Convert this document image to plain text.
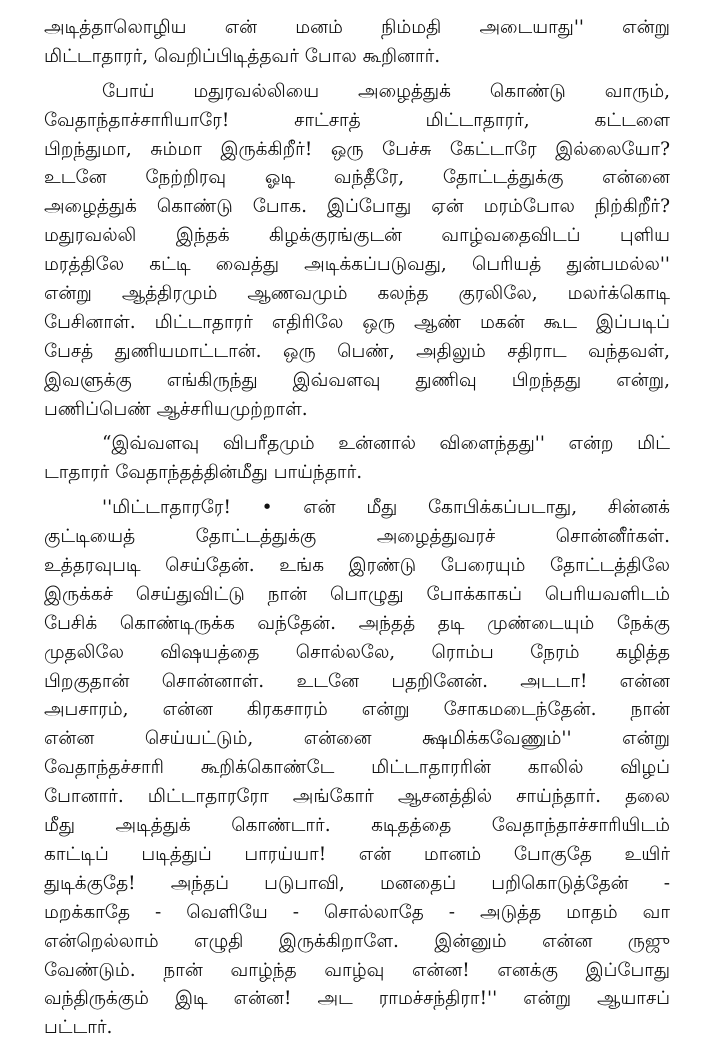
அடித்தாலொழிய என் மனம் நிம்மதி அடையாது'' என்று
மிட்டாதாரர், வெறிப்பிடித்தவர் போல கூறினார்.

போய் மதுரவல்லியை அழைத்துக் கொண்டு வாரும்,
வேதாந்தாச்சாரியாரே! சாட்சாத் மிட்டாதாரர், கட்டளை
பிறந்துமா, சும்மா இருக்கிறீர்! ஒரு பேச்சு கேட்டாரே இல்லையோ?
உடனே நேற்றிரவு ஓடி வந்தீரே, தோட்டத்துக்கு என்னை
அழைத்துக் கொண்டு போக. இப்போது ஏன் மரம்போல நிற்கிறீர்?
மதுரவல்லி இந்தக் கிழக்குரங்குடன் வாழ்வதைவிடப் புளிய
மரத்திலே கட்டி வைத்து அடிக்கப்படுவது, பெரியத் துன்பமல்ல''
என்று ஆத்திரமும் ஆணவமும் கலந்த குரலிலே, மலர்க்கொடி
பேசினாள். மிட்டாதாரர் எதிரிலே ஒரு ஆண் மகன் கூட இப்படிப்
பேசத் துணியமாட்டான். ஒரு பெண், அதிலும் சதிராட வந்தவள்,
இவளுக்கு எங்கிருந்து இவ்வளவு துணிவு பிறந்தது என்று,
பணிப்பெண் ஆச்சரியமுற்றாள்.

“இவ்வளவு விபரீதமும் உன்னால் விளைந்தது'' என்ற மிட்
டாதாரர் வேதாந்தத்தின்மீது பாய்ந்தார்.

''மிட்டாதாரரே! • என் மீது கோபிக்கப்படாது, சின்னக்
குட்டியைத் தோட்டத்துக்கு அழைத்துவரச் சொன்னீர்கள்.
உத்தரவுபடி செய்தேன். உங்க இரண்டு பேரையும் தோட்டத்திலே
இருக்கச் செய்துவிட்டு நான் பொழுது போக்காகப் பெரியவளிடம்
பேசிக் கொண்டிருக்க வந்தேன். அந்தத் தடி முண்டையும் நேக்கு
முதலிலே விஷயத்தை சொல்லலே, ரொம்ப நேரம் கழித்த
பிறகுதான் சொன்னாள். உடனே பதறினேன். அடடா! என்ன
அபசாரம், என்ன கிரகசாரம் என்று சோகமடைந்தேன். நான்
என்ன செய்யட்டும், என்னை க்ஷமிக்கவேணும்'' என்று
வேதாந்தச்சாரி கூறிக்கொண்டே மிட்டாதாரரின் காலில் விழப்
போனார். மிட்டாதாரரோ அங்கோர் ஆசனத்தில் சாய்ந்தார். தலை
மீது அடித்துக் கொண்டார். கடிதத்தை வேதாந்தாச்சாரியிடம்
காட்டிப் படித்துப் பாரய்யா! என் மானம் போகுதே உயிர்
துடிக்குதே! அந்தப் படுபாவி, மனதைப் பறிகொடுத்தேன் -
மறக்காதே - வெளியே - சொல்லாதே - அடுத்த மாதம் வா
என்றெல்லாம் எழுதி இருக்கிறாளே. இன்னும் என்ன ருஜு
வேண்டும். நான் வாழ்ந்த வாழ்வு என்ன! எனக்கு இப்போது
வந்திருக்கும் இடி என்ன! அட ராமச்சந்திரா!'' என்று ஆயாசப்
பட்டார்.
